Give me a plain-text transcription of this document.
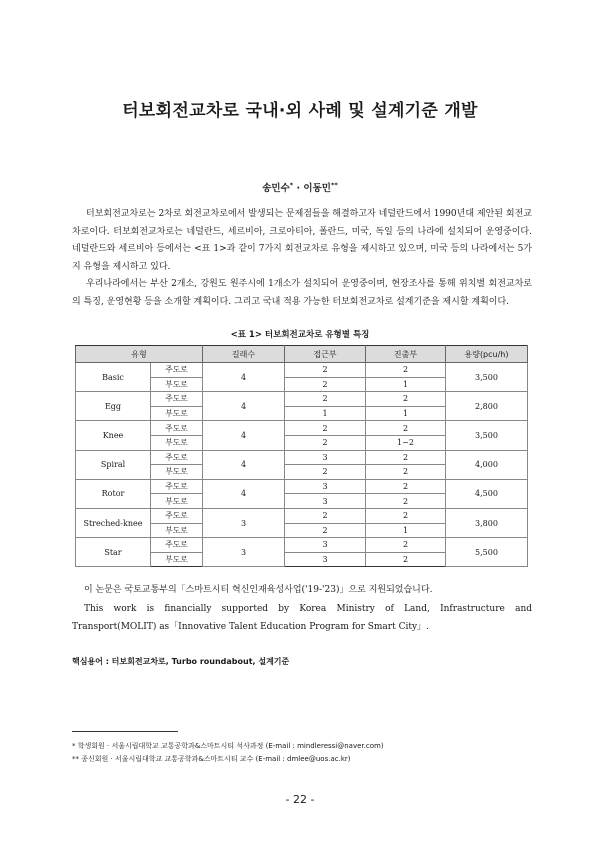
터보회전교차로 국내·외 사례 및 설계기준 개발
송민수* · 이동민**

터보회전교차로는 2차로 회전교차로에서 발생되는 문제점들을 해결하고자 네덜란드에서 1990년대 제안된 회전교차로이다. 터보회전교차로는 네덜란드, 세르비아, 크로아티아, 폴란드, 미국, 독일 등의 나라에 설치되어 운영중이다. 네덜란드와 세르비아 등에서는 <표 1>과 같이 7가지 회전교차로 유형을 제시하고 있으며, 미국 등의 나라에서는 5가지 유형을 제시하고 있다.

우리나라에서는 부산 2개소, 강원도 원주시에 1개소가 설치되어 운영중이며, 현장조사를 통해 위치별 회전교차로의 특징, 운영현황 등을 소개할 계획이다. 그리고 국내 적용 가능한 터보회전교차로 설계기준을 제시할 계획이다.

<표 1> 터보회전교차로 유형별 특징
유형		길래수	접근부	진출부	용량(pcu/h)
Basic	주도로	4	2	2	3,500
	부도로		2	1	
Egg	주도로	4	2	2	2,800
	부도로		1	1	
Knee	주도로	4	2	2	3,500
	부도로		2	1~2	
Spiral	주도로	4	3	2	4,000
	부도로		2	2	
Rotor	주도로	4	3	2	4,500
	부도로		3	2	
Streched-knee	주도로	3	2	2	3,800
	부도로		2	1	
Star	주도로	3	3	2	5,500
	부도로		3	2	

이 논문은 국토교통부의「스마트시티 혁신인재육성사업('19-'23)」으로 지원되었습니다.

This work is financially supported by Korea Ministry of Land, Infrastructure and Transport(MOLIT) as「Innovative Talent Education Program for Smart City」.

핵심용어 : 터보회전교차로, Turbo roundabout, 설계기준
* 학생회원 · 서울시립대학교 교통공학과&스마트시티 석사과정 (E-mail : mindleressi@naver.com)
** 종신회원 · 서울시립대학교 교통공학과&스마트시티 교수 (E-mail : dmlee@uos.ac.kr)
- 22 -
